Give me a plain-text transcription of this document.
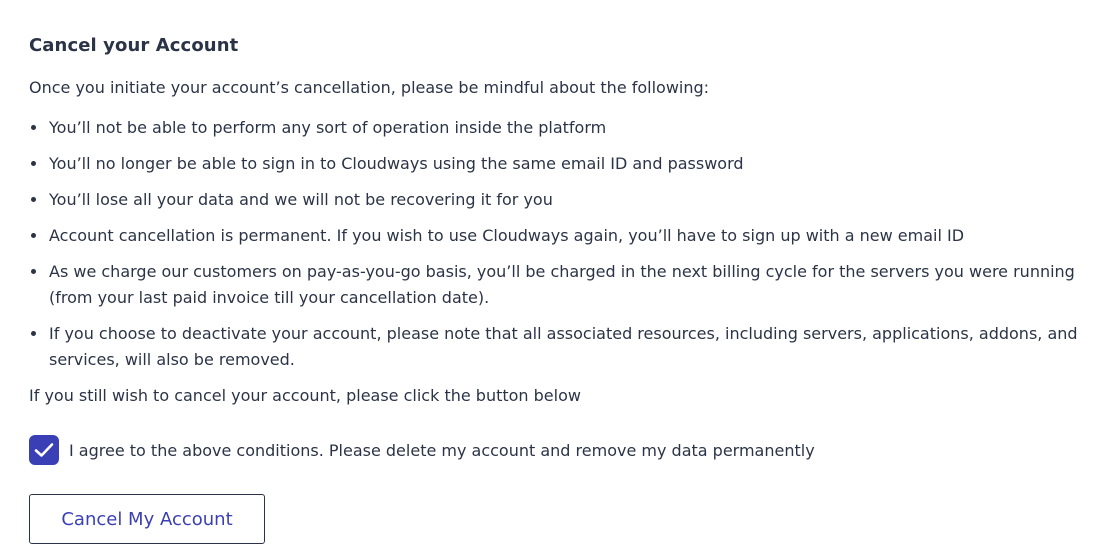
Cancel your Account

Once you initiate your account’s cancellation, please be mindful about the following:

You’ll not be able to perform any sort of operation inside the platform
You’ll no longer be able to sign in to Cloudways using the same email ID and password
You’ll lose all your data and we will not be recovering it for you
Account cancellation is permanent. If you wish to use Cloudways again, you’ll have to sign up with a new email ID
As we charge our customers on pay-as-you-go basis, you’ll be charged in the next billing cycle for the servers you were running (from your last paid invoice till your cancellation date).
If you choose to deactivate your account, please note that all associated resources, including servers, applications, addons, and services, will also be removed.

If you still wish to cancel your account, please click the button below

I agree to the above conditions. Please delete my account and remove my data permanently
Cancel My Account
